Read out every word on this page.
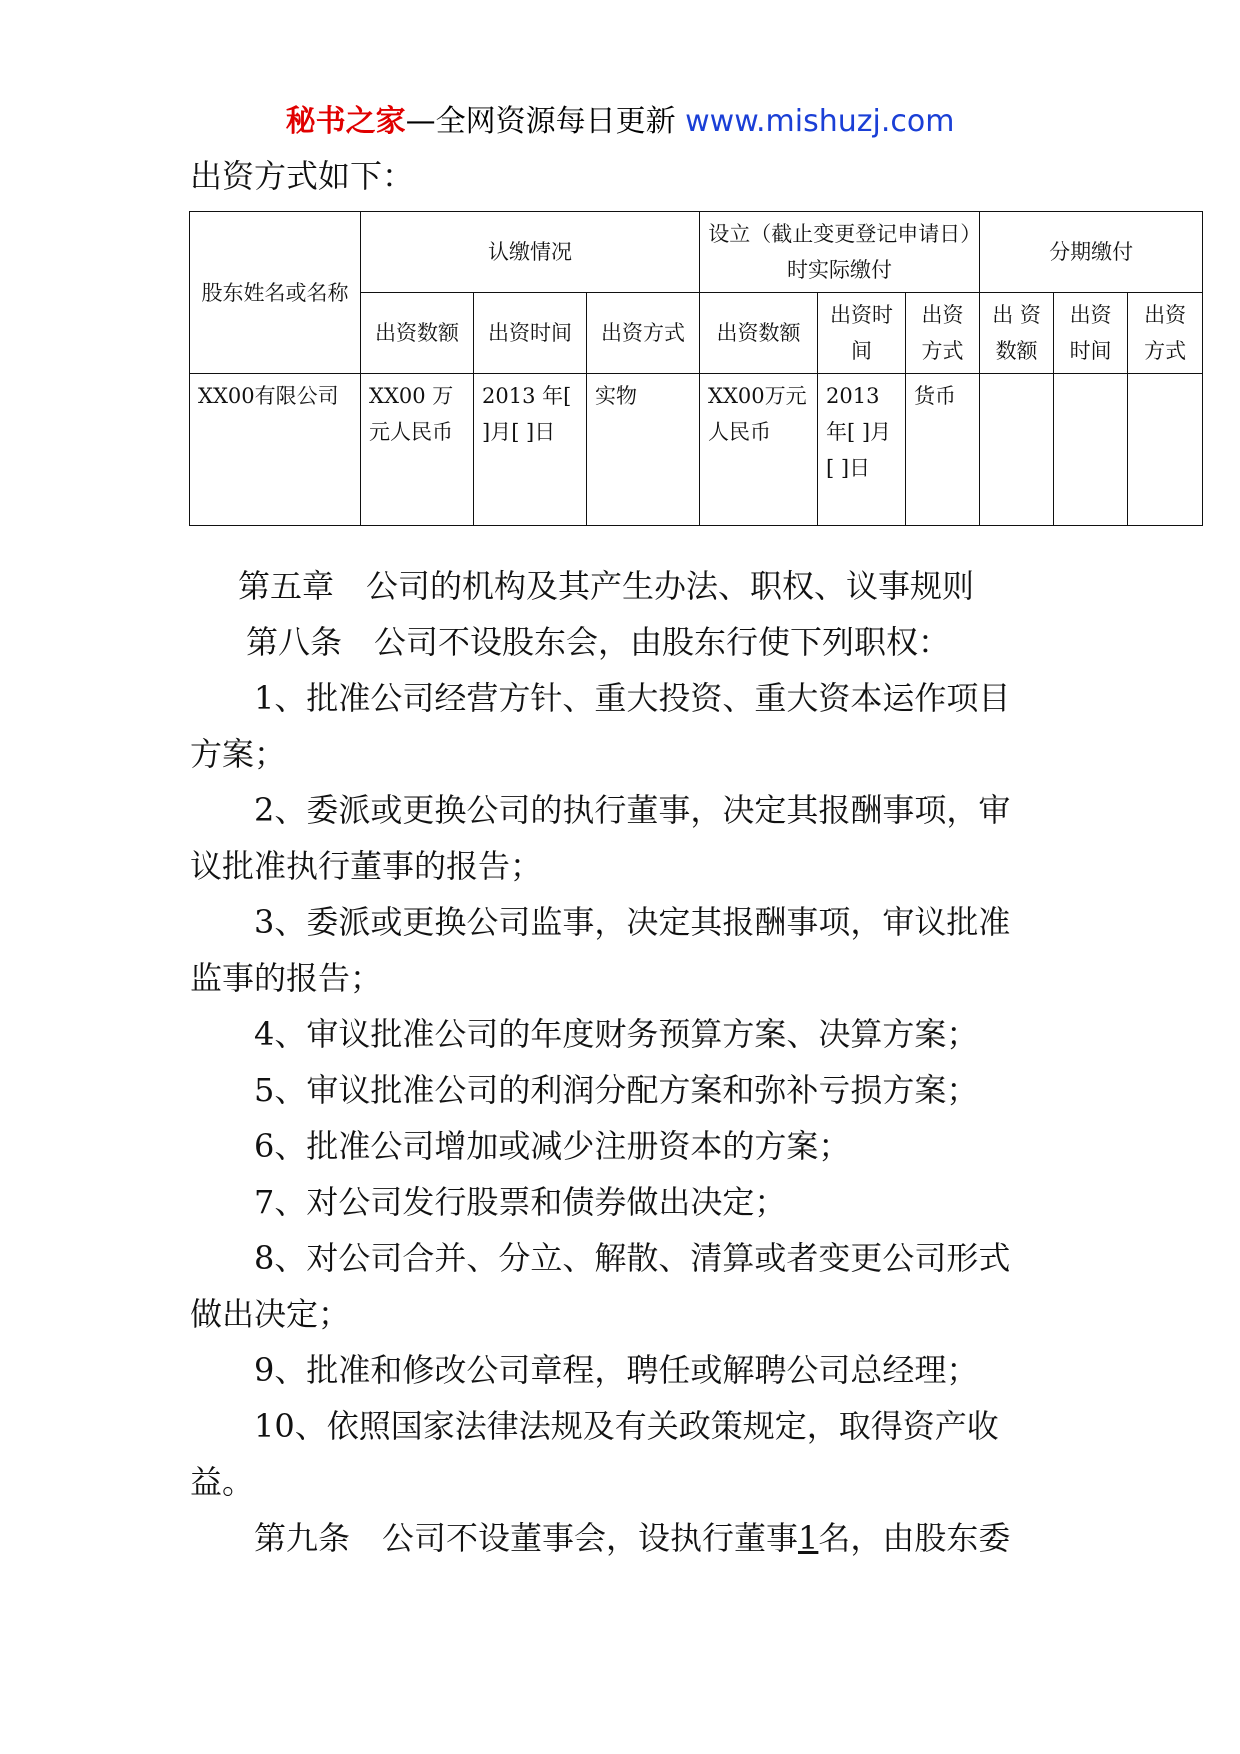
秘书之家—全网资源每日更新 www.mishuzj.com
出资方式如下：
股东姓名或名称	认缴情况			设立（截止变更登记申请日）时实际缴付			分期缴付		
	出资数额	出资时间	出资方式	出资数额	出资时间	出资方式	出 资数额	出资时间	出资方式
XX00有限公司	XX00 万元人民币	2013 年[ ]月[ ]日	实物	XX00万元人民币	2013 年[ ]月[ ]日	货币			
第五章　公司的机构及其产生办法、职权、议事规则
第八条　公司不设股东会，由股东行使下列职权：
1、批准公司经营方针、重大投资、重大资本运作项目
方案；
2、委派或更换公司的执行董事，决定其报酬事项，审
议批准执行董事的报告；
3、委派或更换公司监事，决定其报酬事项，审议批准
监事的报告；
4、审议批准公司的年度财务预算方案、决算方案；
5、审议批准公司的利润分配方案和弥补亏损方案；
6、批准公司增加或减少注册资本的方案；
7、对公司发行股票和债券做出决定；
8、对公司合并、分立、解散、清算或者变更公司形式
做出决定；
9、批准和修改公司章程，聘任或解聘公司总经理；
10、依照国家法律法规及有关政策规定，取得资产收
益。
第九条　公司不设董事会，设执行董事1名，由股东委
